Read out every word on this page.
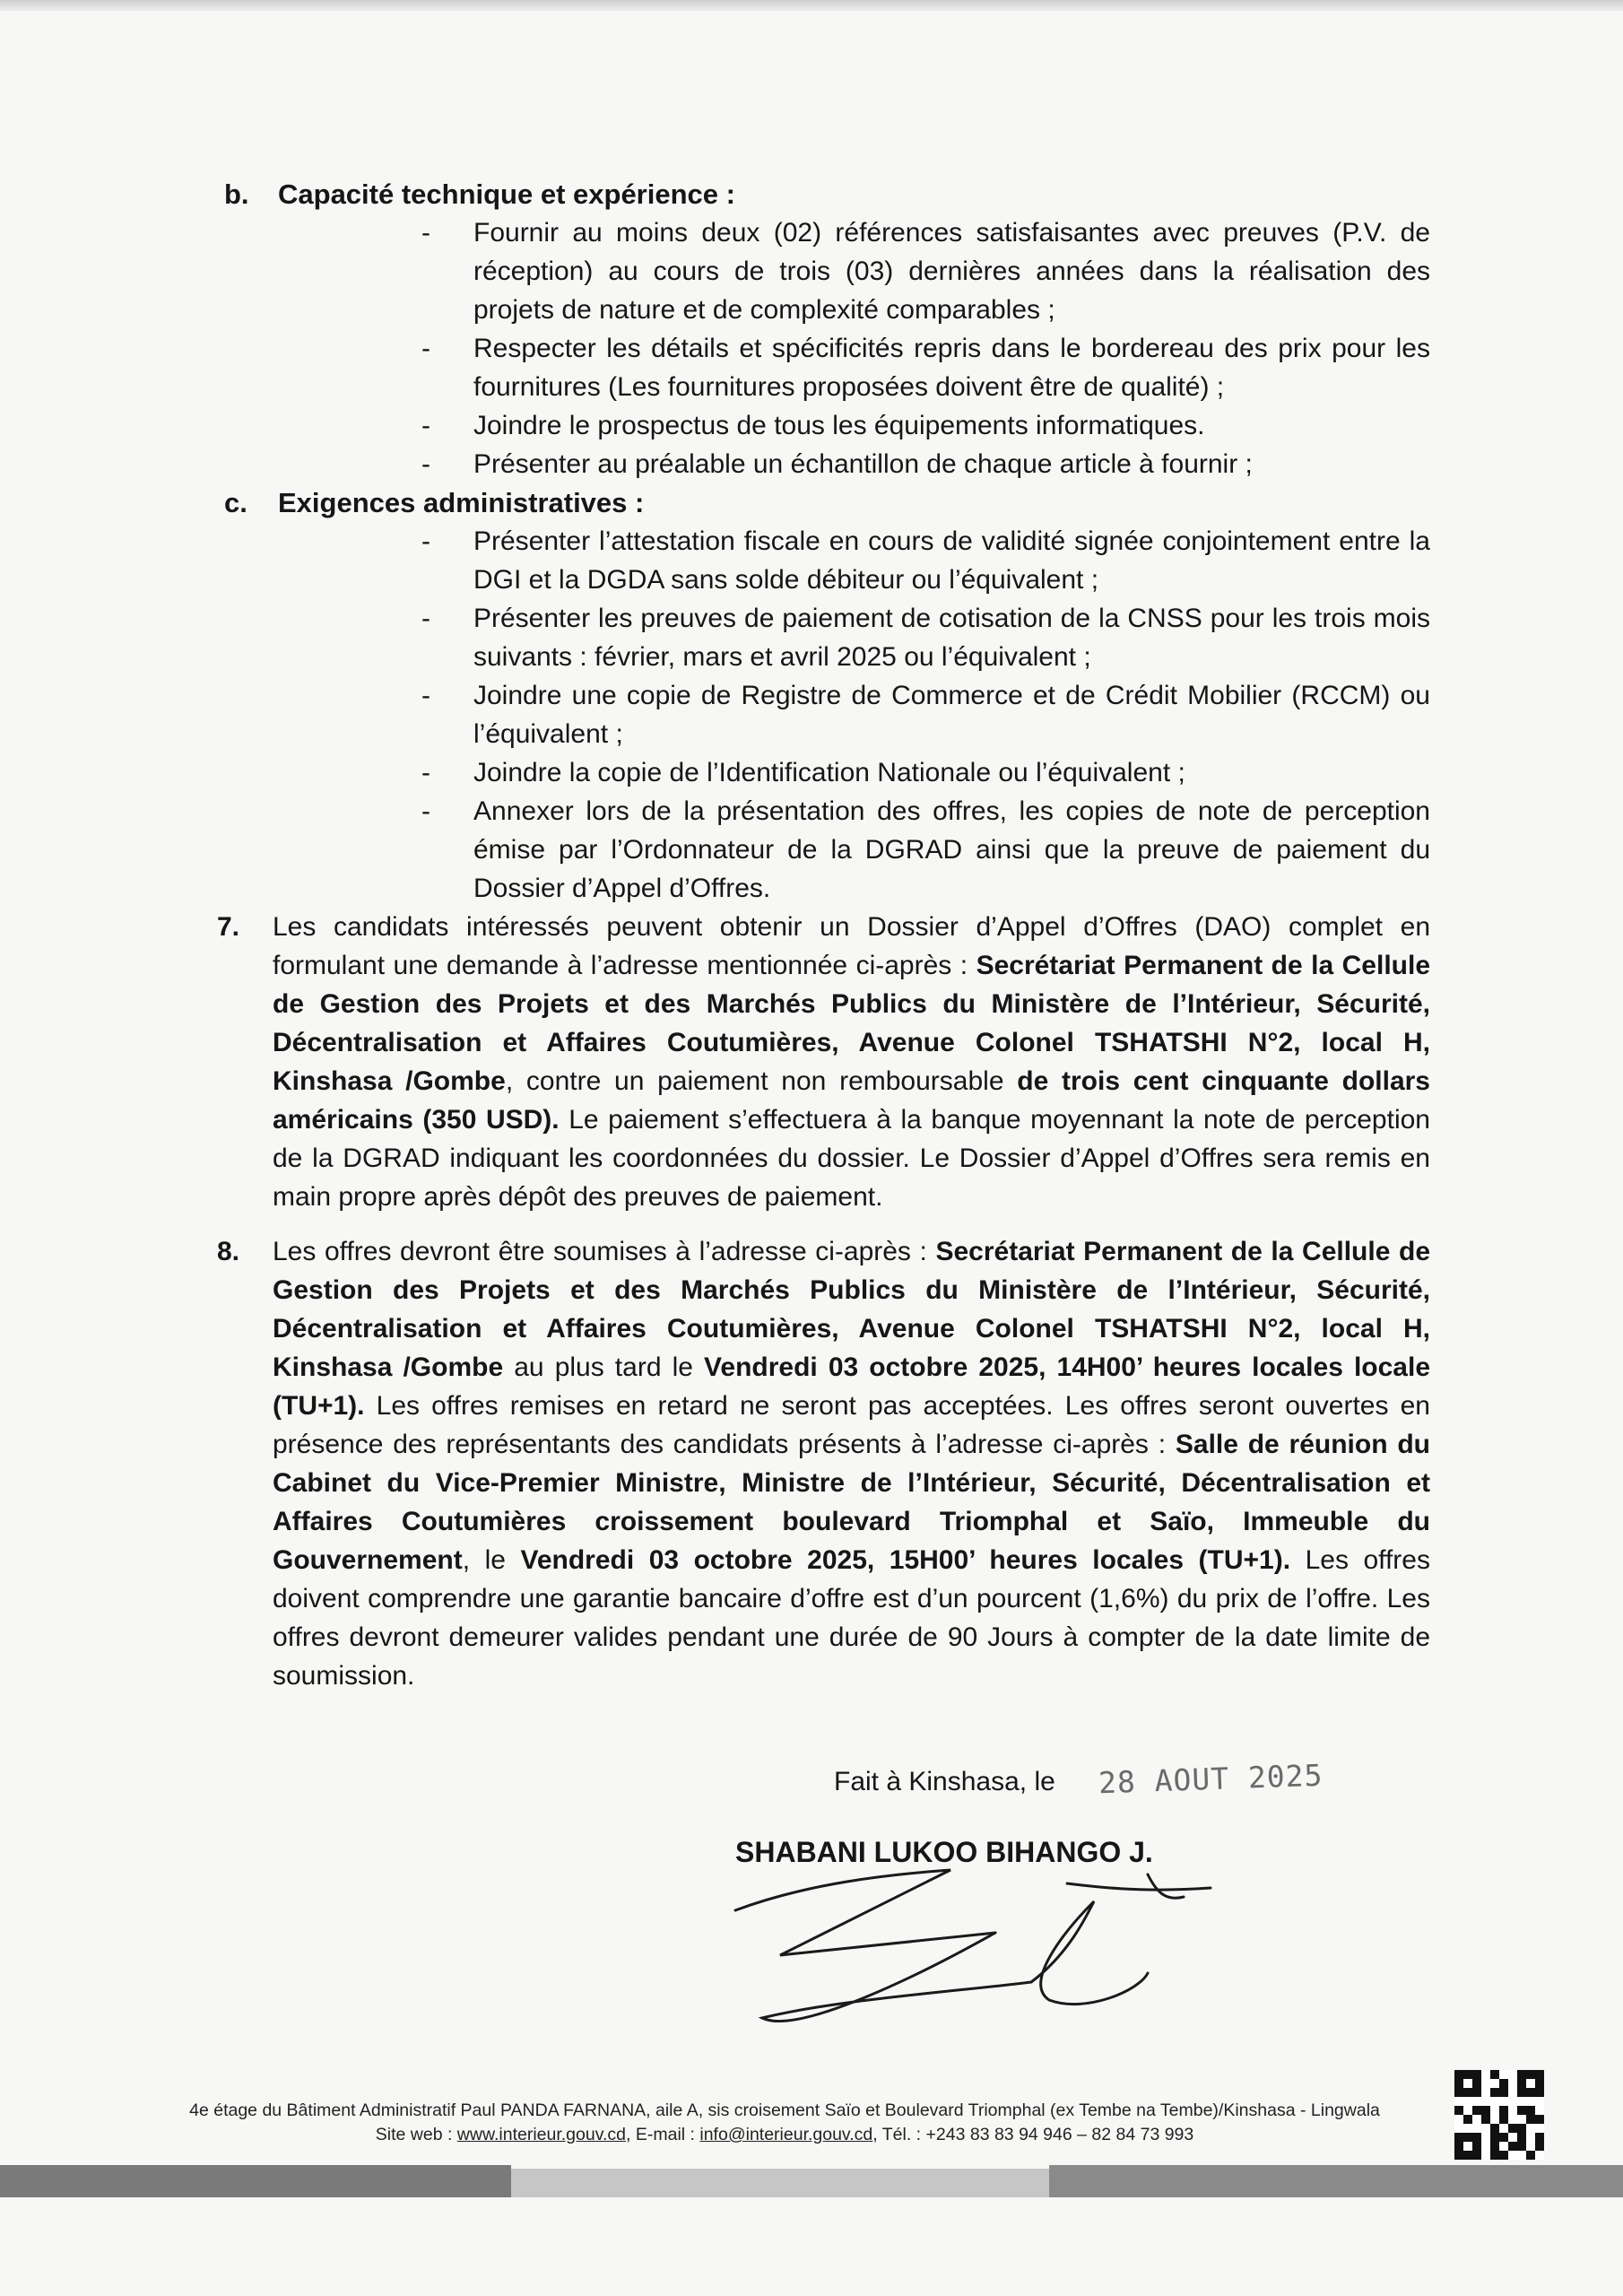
b. Capacité technique et expérience :
- Fournir au moins deux (02) références satisfaisantes avec preuves (P.V. de réception) au cours de trois (03) dernières années dans la réalisation des projets de nature et de complexité comparables ;
- Respecter les détails et spécificités repris dans le bordereau des prix pour les fournitures (Les fournitures proposées doivent être de qualité) ;
- Joindre le prospectus de tous les équipements informatiques.
- Présenter au préalable un échantillon de chaque article à fournir ;
c. Exigences administratives :
- Présenter l’attestation fiscale en cours de validité signée conjointement entre la DGI et la DGDA sans solde débiteur ou l’équivalent ;
- Présenter les preuves de paiement de cotisation de la CNSS pour les trois mois suivants : février, mars et avril 2025 ou l’équivalent ;
- Joindre une copie de Registre de Commerce et de Crédit Mobilier (RCCM) ou l’équivalent ;
- Joindre la copie de l’Identification Nationale ou l’équivalent ;
- Annexer lors de la présentation des offres, les copies de note de perception émise par l’Ordonnateur de la DGRAD ainsi que la preuve de paiement du Dossier d’Appel d’Offres.
7. Les candidats intéressés peuvent obtenir un Dossier d’Appel d’Offres (DAO) complet en formulant une demande à l’adresse mentionnée ci-après : Secrétariat Permanent de la Cellule de Gestion des Projets et des Marchés Publics du Ministère de l’Intérieur, Sécurité, Décentralisation et Affaires Coutumières, Avenue Colonel TSHATSHI N°2, local H, Kinshasa /Gombe, contre un paiement non remboursable de trois cent cinquante dollars américains (350 USD). Le paiement s’effectuera à la banque moyennant la note de perception de la DGRAD indiquant les coordonnées du dossier. Le Dossier d’Appel d’Offres sera remis en main propre après dépôt des preuves de paiement.
8. Les offres devront être soumises à l’adresse ci-après : Secrétariat Permanent de la Cellule de Gestion des Projets et des Marchés Publics du Ministère de l’Intérieur, Sécurité, Décentralisation et Affaires Coutumières, Avenue Colonel TSHATSHI N°2, local H, Kinshasa /Gombe au plus tard le Vendredi 03 octobre 2025, 14H00’ heures locales locale (TU+1). Les offres remises en retard ne seront pas acceptées. Les offres seront ouvertes en présence des représentants des candidats présents à l’adresse ci-après : Salle de réunion du Cabinet du Vice-Premier Ministre, Ministre de l’Intérieur, Sécurité, Décentralisation et Affaires Coutumières croissement boulevard Triomphal et Saïo, Immeuble du Gouvernement, le Vendredi 03 octobre 2025, 15H00’ heures locales (TU+1). Les offres doivent comprendre une garantie bancaire d’offre est d’un pourcent (1,6%) du prix de l’offre. Les offres devront demeurer valides pendant une durée de 90 Jours à compter de la date limite de soumission.
Fait à Kinshasa, le 28 AOUT 2025
SHABANI LUKOO BIHANGO J.
4e étage du Bâtiment Administratif Paul PANDA FARNANA, aile A, sis croisement Saïo et Boulevard Triomphal (ex Tembe na Tembe)/Kinshasa - Lingwala
Site web : www.interieur.gouv.cd, E-mail : info@interieur.gouv.cd, Tél. : +243 83 83 94 946 – 82 84 73 993
